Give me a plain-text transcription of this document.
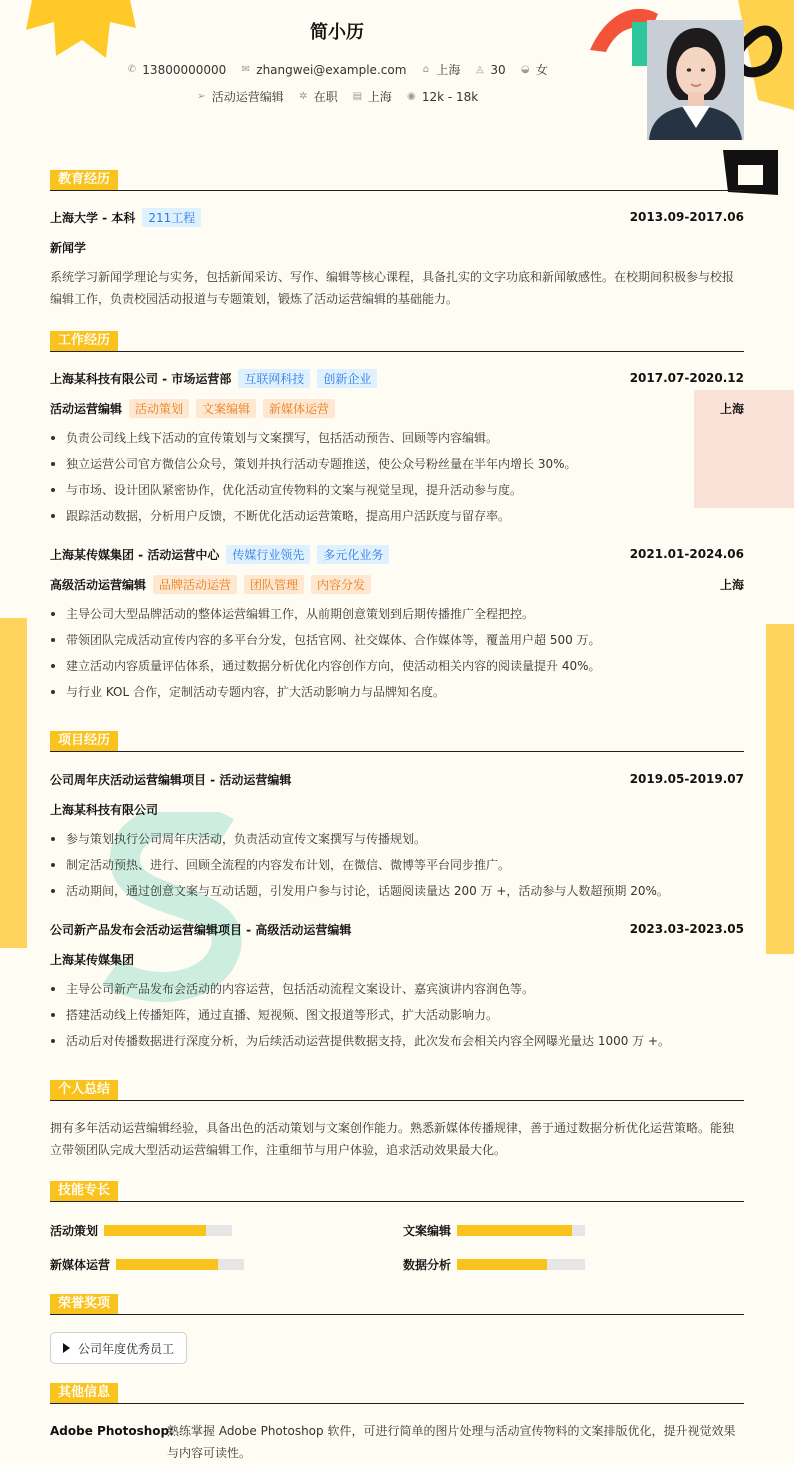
简小历
✆ 13800000000 ✉ zhangwei@example.com ⌂ 上海 ◬ 30 ◒ 女
➢ 活动运营编辑 ✲ 在职 ▤ 上海 ◉ 12k - 18k
教育经历
上海大学 - 本科	211工程	2013.09-2017.06
新闻学
系统学习新闻学理论与实务，包括新闻采访、写作、编辑等核心课程，具备扎实的文字功底和新闻敏感性。在校期间积极参与校报编辑工作，负责校园活动报道与专题策划，锻炼了活动运营编辑的基础能力。
工作经历
上海某科技有限公司 - 市场运营部	互联网科技	创新企业	2017.07-2020.12
活动运营编辑	活动策划	文案编辑	新媒体运营	上海
负责公司线上线下活动的宣传策划与文案撰写，包括活动预告、回顾等内容编辑。
独立运营公司官方微信公众号，策划并执行活动专题推送，使公众号粉丝量在半年内增长 30%。
与市场、设计团队紧密协作，优化活动宣传物料的文案与视觉呈现，提升活动参与度。
跟踪活动数据，分析用户反馈，不断优化活动运营策略，提高用户活跃度与留存率。
上海某传媒集团 - 活动运营中心	传媒行业领先	多元化业务	2021.01-2024.06
高级活动运营编辑	品牌活动运营	团队管理	内容分发	上海
主导公司大型品牌活动的整体运营编辑工作，从前期创意策划到后期传播推广全程把控。
带领团队完成活动宣传内容的多平台分发，包括官网、社交媒体、合作媒体等，覆盖用户超 500 万。
建立活动内容质量评估体系，通过数据分析优化内容创作方向，使活动相关内容的阅读量提升 40%。
与行业 KOL 合作，定制活动专题内容，扩大活动影响力与品牌知名度。
项目经历
公司周年庆活动运营编辑项目 - 活动运营编辑	2019.05-2019.07
上海某科技有限公司
参与策划执行公司周年庆活动，负责活动宣传文案撰写与传播规划。
制定活动预热、进行、回顾全流程的内容发布计划，在微信、微博等平台同步推广。
活动期间，通过创意文案与互动话题，引发用户参与讨论，话题阅读量达 200 万 +，活动参与人数超预期 20%。
公司新产品发布会活动运营编辑项目 - 高级活动运营编辑	2023.03-2023.05
上海某传媒集团
主导公司新产品发布会活动的内容运营，包括活动流程文案设计、嘉宾演讲内容润色等。
搭建活动线上传播矩阵，通过直播、短视频、图文报道等形式，扩大活动影响力。
活动后对传播数据进行深度分析，为后续活动运营提供数据支持，此次发布会相关内容全网曝光量达 1000 万 +。
个人总结
拥有多年活动运营编辑经验，具备出色的活动策划与文案创作能力。熟悉新媒体传播规律，善于通过数据分析优化运营策略。能独立带领团队完成大型活动运营编辑工作，注重细节与用户体验，追求活动效果最大化。
技能专长
活动策划	文案编辑
新媒体运营	数据分析
荣誉奖项
公司年度优秀员工
其他信息
Adobe Photoshop:
熟练掌握 Adobe Photoshop 软件，可进行简单的图片处理与活动宣传物料的文案排版优化，提升视觉效果与内容可读性。
